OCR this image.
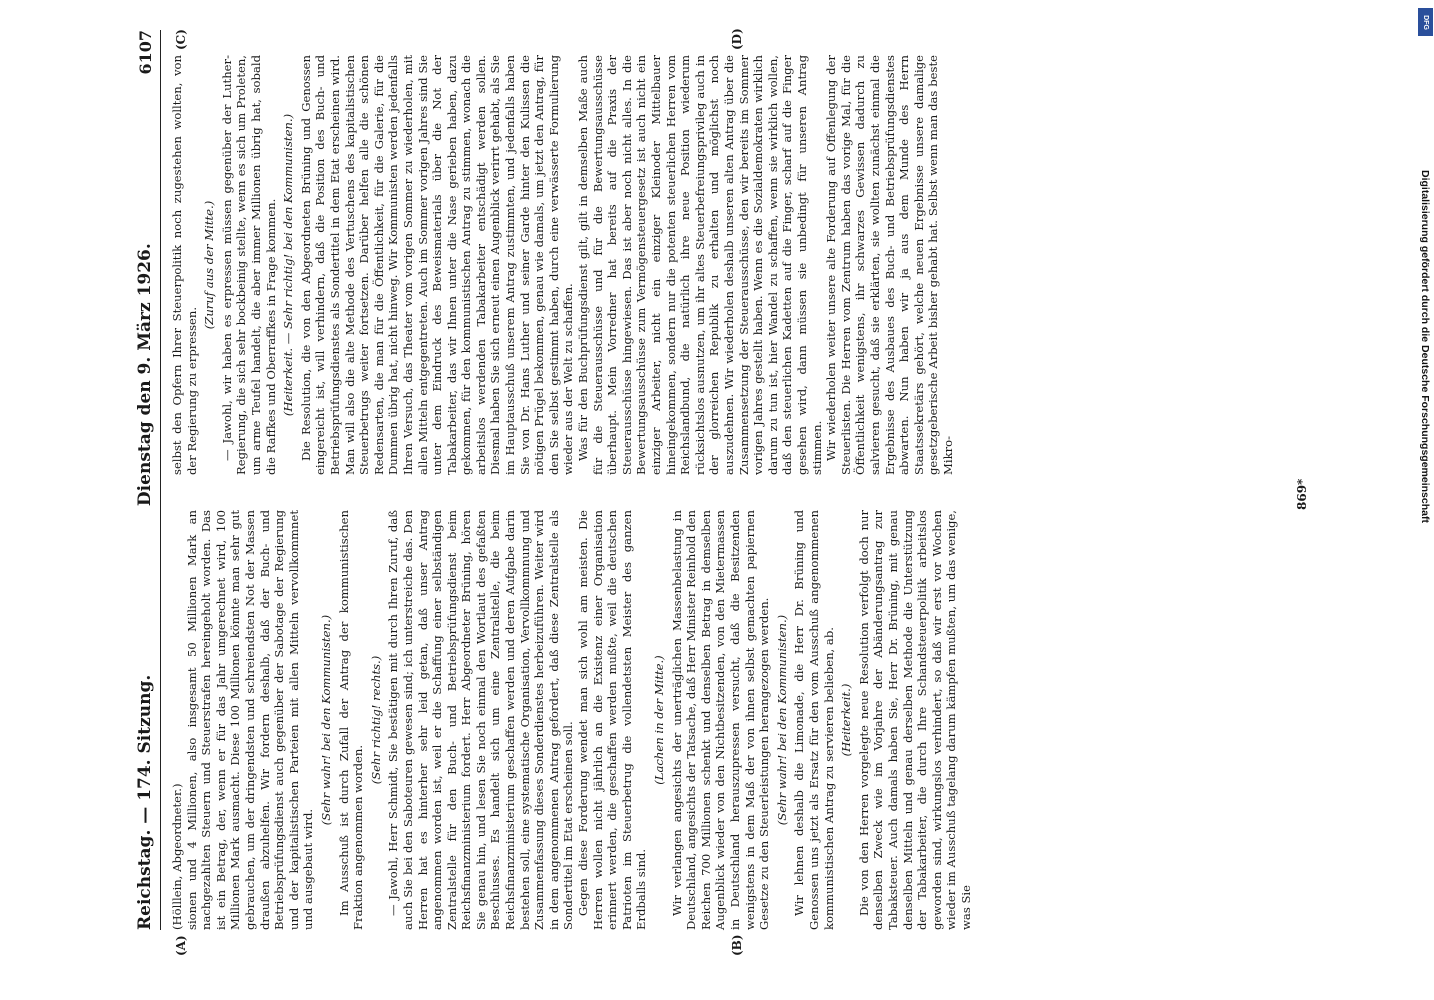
Reichstag. — 174. Sitzung.
Dienstag den 9. März 1926.
6107

(Hölllein, Abgeordneter.) sionen und 4 Millionen, also insgesamt 50 Millionen Mark an nachgezahlten Steuern und Steuerstrafen hereingeholt worden. Das ist ein Betrag, der, wenn er für das Jahr umgerechnet wird, 100 Millionen Mark ausmacht. Diese 100 Millionen könnte man sehr gut gebrauchen, um der dringendsten und schreiendsten Not der Massen draußen abzuhelfen. Wir fordern deshalb, daß der Buch- und Betriebsprüfungsdienst auch gegenüber der Sabotage der Regierung und der kapitalistischen Parteien mit allen Mitteln vervollkommnet und ausgebaut wird.

(Sehr wahr! bei den Kommunisten.) Im Ausschuß ist durch Zufall der Antrag der kommunistischen Fraktion angenommen worden.

(Sehr richtig! rechts.) — Jawohl, Herr Schmidt, Sie bestätigen mit durch Ihren Zuruf, daß auch Sie bei den Saboteuren gewesen sind; ich unterstreiche das. Den Herren hat es hinterher sehr leid getan, daß unser Antrag angenommen worden ist, weil er die Schaffung einer selbständigen Zentralstelle für den Buch- und Betriebsprüfungsdienst beim Reichsfinanzministerium fordert. Herr Abgeordneter Brüning, hören Sie genau hin, und lesen Sie noch einmal den Wortlaut des gefaßten Beschlusses. Es handelt sich um eine Zentralstelle, die beim Reichsfinanzministerium geschaffen werden und deren Aufgabe darin bestehen soll, eine systematische Organisation, Vervollkommnung und Zusammenfassung dieses Sonderdienstes herbeizuführen. Weiter wird in dem angenommenen Antrag gefordert, daß diese Zentralstelle als Sondertitel im Etat erscheinen soll. Gegen diese Forderung wendet man sich wohl am meisten. Die Herren wollen nicht jährlich an die Existenz einer Organisation erinnert werden, die geschaffen werden mußte, weil die deutschen Patrioten im Steuerbetrug die vollendetsten Meister des ganzen Erdballs sind.

(Lachen in der Mitte.) Wir verlangen angesichts der unerträglichen Massenbelastung in Deutschland, angesichts der Tatsache, daß Herr Minister Reinhold den Reichen 700 Millionen schenkt und denselben Betrag in demselben Augenblick wieder von den Nichtbesitzenden, von den Mietermassen in Deutschland herauszupressen versucht, daß die Besitzenden wenigstens in dem Maß der von ihnen selbst gemachten papiernen Gesetze zu den Steuerleistungen herangezogen werden. (Sehr wahr! bei den Kommunisten.) Wir lehnen deshalb die Limonade, die Herr Dr. Brüning und Genossen uns jetzt als Ersatz für den vom Ausschuß angenommenen kommunistischen Antrag zu servieren belieben, ab. (Heiterkeit.) Die von den Herren vorgelegte neue Resolution verfolgt doch nur denselben Zweck wie im Vorjahre der Abänderungsantrag zur Tabaksteuer. Auch damals haben Sie, Herr Dr. Brüning, mit genau denselben Mitteln und genau derselben Methode die Unterstützung der Tabakarbeiter, die durch Ihre Schandsteuerpolitik arbeitslos geworden sind, wirkungslos verhindert, so daß wir erst vor Wochen wieder im Ausschuß tagelang darum kämpfen mußten, um das wenige, was Sie

selbst den Opfern Ihrer Steuerpolitik noch zugestehen wollten, von der Regierung zu erpressen.

(Zuruf aus der Mitte.) — Jawohl, wir haben es erpressen müssen gegenüber der Luther-Regierung, die sich sehr bockbeinig stellte, wenn es sich um Proleten, um arme Teufel handelt, die aber immer Millionen übrig hat, sobald die Raffkes und Oberraffkes in Frage kommen. (Heiterkeit. — Sehr richtig! bei den Kommunisten.) Die Resolution, die von den Abgeordneten Brüning und Genossen eingereicht ist, will verhindern, daß die Position des Buch- und Betriebsprüfungsdienstes als Sondertitel in dem Etat erscheinen wird. Man will also die alte Methode des Vertuschens des kapitalistischen Steuerbetrugs weiter fortsetzen. Darüber helfen alle die schönen Redensarten, die man für die Öffentlichkeit, für die Galerie, für die Dummen übrig hat, nicht hinweg. Wir Kommunisten werden jedenfalls Ihren Versuch, das Theater vom vorigen Sommer zu wiederholen, mit allen Mitteln entgegentreten. Auch im Sommer vorigen Jahres sind Sie unter dem Eindruck des Beweismaterials über die Not der Tabakarbeiter, das wir Ihnen unter die Nase gerieben haben, dazu gekommen, für den kommunistischen Antrag zu stimmen, wonach die arbeitslos werdenden Tabakarbeiter entschädigt werden sollen. Diesmal haben Sie sich erneut einen Augenblick verirrt gehabt, als Sie im Hauptausschuß unserem Antrag zustimmten, und jedenfalls haben Sie von Dr. Hans Luther und seiner Garde hinter den Kulissen die nötigen Prügel bekommen, genau wie damals, um jetzt den Antrag, für den Sie selbst gestimmt haben, durch eine verwässerte Formulierung wieder aus der Welt zu schaffen. Was für den Buchprüfungsdienst gilt, gilt in demselben Maße auch für die Steuerausschüsse und für die Bewertungsausschüsse überhaupt. Mein Vorredner hat bereits auf die Praxis der Steuerausschüsse hingewiesen. Das ist aber noch nicht alles. In die Bewertungsausschüsse zum Vermögensteuergesetz ist auch nicht ein einziger Arbeiter, nicht ein einziger Kleinoder Mittelbauer hineingekommen, sondern nur die potenten steuerlichen Herren vom Reichslandbund, die natürlich ihre neue Position wiederum rücksichtslos ausnutzen, um ihr altes Steuerbefreiungsprivileg auch in der glorreichen Republik zu erhalten und möglichst noch auszudehnen. Wir wiederholen deshalb unseren alten Antrag über die Zusammensetzung der Steuerausschüsse, den wir bereits im Sommer vorigen Jahres gestellt haben. Wenn es die Sozialdemokraten wirklich darum zu tun ist, hier Wandel zu schaffen, wenn sie wirklich wollen, daß den steuerlichen Kadetten auf die Finger, scharf auf die Finger gesehen wird, dann müssen sie unbedingt für unseren Antrag stimmen. Wir wiederholen weiter unsere alte Forderung auf Offenlegung der Steuerlisten. Die Herren vom Zentrum haben das vorige Mal, für die Öffentlichkeit wenigstens, ihr schwarzes Gewissen dadurch zu salvieren gesucht, daß sie erklärten, sie wollten zunächst einmal die Ergebnisse des Ausbaues des Buch- und Betriebsprüfungsdienstes abwarten. Nun haben wir ja aus dem Munde des Herrn Staatssekretärs gehört, welche neuen Ergebnisse unsere damalige gesetzgeberische Arbeit bisher gehabt hat. Selbst wenn man das beste Mikro-

(A)	(B)
(C)	(D)
869*
DFG
Digitalisierung gefördert durch die Deutsche Forschungsgemeinschaft
